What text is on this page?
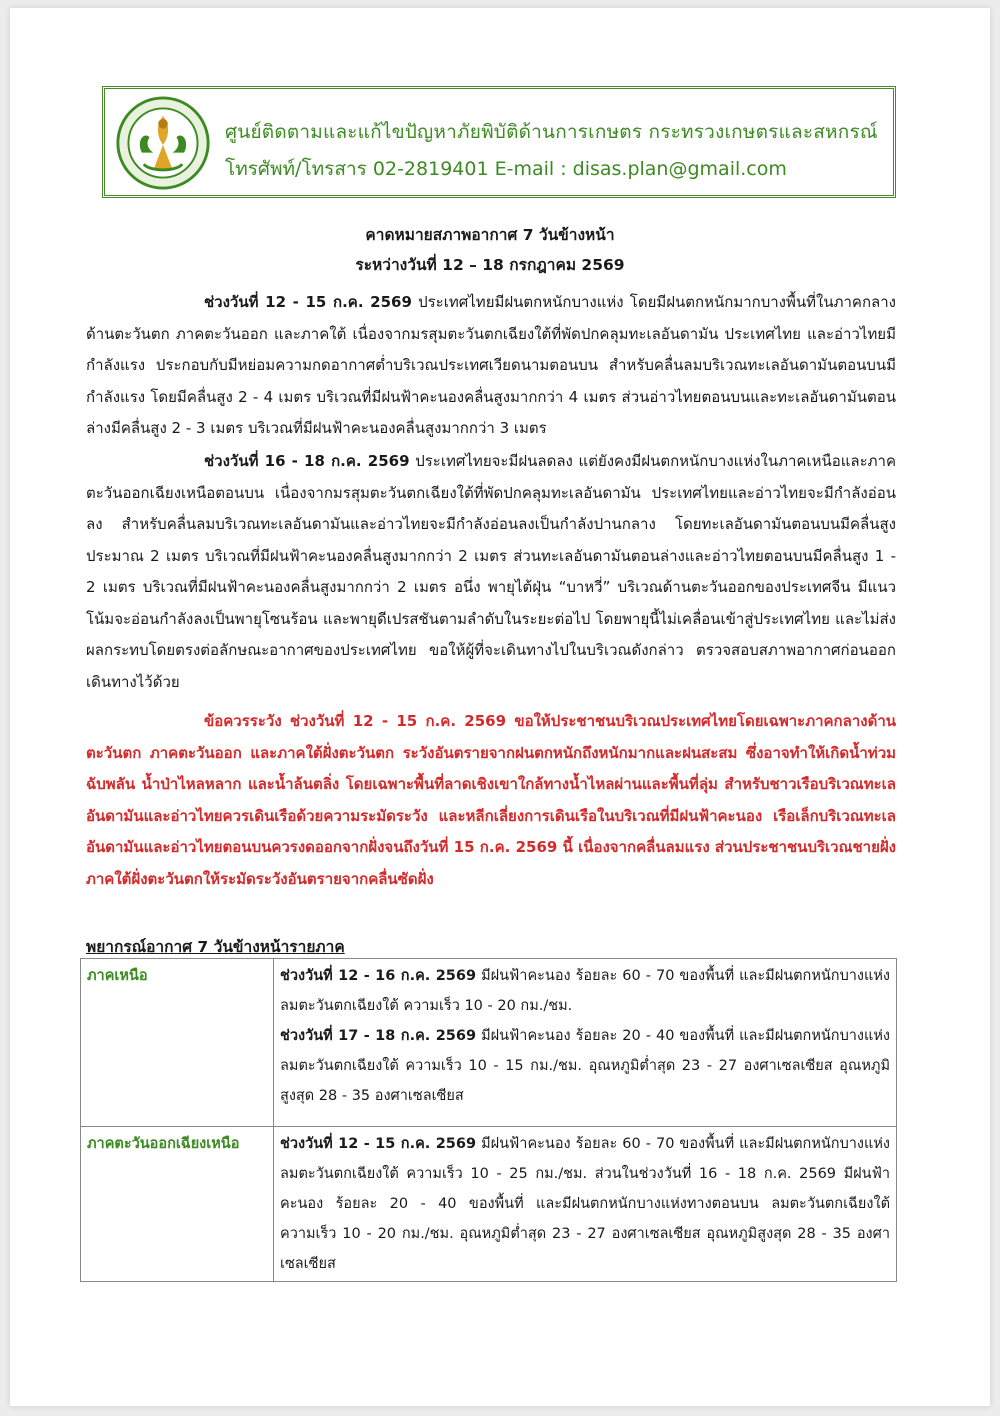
ศูนย์ติดตามและแก้ไขปัญหาภัยพิบัติด้านการเกษตร กระทรวงเกษตรและสหกรณ์
โทรศัพท์/โทรสาร 02-2819401 E-mail : disas.plan@gmail.com
คาดหมายสภาพอากาศ 7 วันข้างหน้า
ระหว่างวันที่ 12 – 18 กรกฎาคม 2569

ช่วงวันที่ 12 - 15 ก.ค. 2569 ประเทศไทยมีฝนตกหนักบางแห่ง โดยมีฝนตกหนักมากบางพื้นที่ในภาคกลางด้านตะวันตก ภาคตะวันออก และภาคใต้ เนื่องจากมรสุมตะวันตกเฉียงใต้ที่พัดปกคลุมทะเลอันดามัน ประเทศไทย และอ่าวไทยมีกำลังแรง ประกอบกับมีหย่อมความกดอากาศต่ำบริเวณประเทศเวียดนามตอนบน สำหรับคลื่นลมบริเวณทะเลอันดามันตอนบนมีกำลังแรง โดยมีคลื่นสูง 2 - 4 เมตร บริเวณที่มีฝนฟ้าคะนองคลื่นสูงมากกว่า 4 เมตร ส่วนอ่าวไทยตอนบนและทะเลอันดามันตอนล่างมีคลื่นสูง 2 - 3 เมตร บริเวณที่มีฝนฟ้าคะนองคลื่นสูงมากกว่า 3 เมตร

ช่วงวันที่ 16 - 18 ก.ค. 2569 ประเทศไทยจะมีฝนลดลง แต่ยังคงมีฝนตกหนักบางแห่งในภาคเหนือและภาคตะวันออกเฉียงเหนือตอนบน เนื่องจากมรสุมตะวันตกเฉียงใต้ที่พัดปกคลุมทะเลอันดามัน ประเทศไทยและอ่าวไทยจะมีกำลังอ่อนลง สำหรับคลื่นลมบริเวณทะเลอันดามันและอ่าวไทยจะมีกำลังอ่อนลงเป็นกำลังปานกลาง โดยทะเลอันดามันตอนบนมีคลื่นสูงประมาณ 2 เมตร บริเวณที่มีฝนฟ้าคะนองคลื่นสูงมากกว่า 2 เมตร ส่วนทะเลอันดามันตอนล่างและอ่าวไทยตอนบนมีคลื่นสูง 1 - 2 เมตร บริเวณที่มีฝนฟ้าคะนองคลื่นสูงมากกว่า 2 เมตร อนึ่ง พายุไต้ฝุ่น “บาหวี่” บริเวณด้านตะวันออกของประเทศจีน มีแนวโน้มจะอ่อนกำลังลงเป็นพายุโซนร้อน และพายุดีเปรสชันตามลำดับในระยะต่อไป โดยพายุนี้ไม่เคลื่อนเข้าสู่ประเทศไทย และไม่ส่งผลกระทบโดยตรงต่อลักษณะอากาศของประเทศไทย ขอให้ผู้ที่จะเดินทางไปในบริเวณดังกล่าว ตรวจสอบสภาพอากาศก่อนออกเดินทางไว้ด้วย

ข้อควรระวัง ช่วงวันที่ 12 - 15 ก.ค. 2569 ขอให้ประชาชนบริเวณประเทศไทยโดยเฉพาะภาคกลางด้านตะวันตก ภาคตะวันออก และภาคใต้ฝั่งตะวันตก ระวังอันตรายจากฝนตกหนักถึงหนักมากและฝนสะสม ซึ่งอาจทำให้เกิดน้ำท่วมฉับพลัน น้ำป่าไหลหลาก และน้ำล้นตลิ่ง โดยเฉพาะพื้นที่ลาดเชิงเขาใกล้ทางน้ำไหลผ่านและพื้นที่ลุ่ม สำหรับชาวเรือบริเวณทะเลอันดามันและอ่าวไทยควรเดินเรือด้วยความระมัดระวัง และหลีกเลี่ยงการเดินเรือในบริเวณที่มีฝนฟ้าคะนอง เรือเล็กบริเวณทะเลอันดามันและอ่าวไทยตอนบนควรงดออกจากฝั่งจนถึงวันที่ 15 ก.ค. 2569 นี้ เนื่องจากคลื่นลมแรง ส่วนประชาชนบริเวณชายฝั่งภาคใต้ฝั่งตะวันตกให้ระมัดระวังอันตรายจากคลื่นซัดฝั่ง

พยากรณ์อากาศ 7 วันข้างหน้ารายภาค
ภาคเหนือ	ช่วงวันที่ 12 - 16 ก.ค. 2569 มีฝนฟ้าคะนอง ร้อยละ 60 - 70 ของพื้นที่ และมีฝนตกหนักบางแห่ง ลมตะวันตกเฉียงใต้ ความเร็ว 10 - 20 กม./ชม.
ช่วงวันที่ 17 - 18 ก.ค. 2569 มีฝนฟ้าคะนอง ร้อยละ 20 - 40 ของพื้นที่ และมีฝนตกหนักบางแห่ง ลมตะวันตกเฉียงใต้ ความเร็ว 10 - 15 กม./ชม. อุณหภูมิต่ำสุด 23 - 27 องศาเซลเซียส อุณหภูมิสูงสุด 28 - 35 องศาเซลเซียส
ภาคตะวันออกเฉียงเหนือ	ช่วงวันที่ 12 - 15 ก.ค. 2569 มีฝนฟ้าคะนอง ร้อยละ 60 - 70 ของพื้นที่ และมีฝนตกหนักบางแห่ง ลมตะวันตกเฉียงใต้ ความเร็ว 10 - 25 กม./ชม. ส่วนในช่วงวันที่ 16 - 18 ก.ค. 2569 มีฝนฟ้าคะนอง ร้อยละ 20 - 40 ของพื้นที่ และมีฝนตกหนักบางแห่งทางตอนบน ลมตะวันตกเฉียงใต้ ความเร็ว 10 - 20 กม./ชม. อุณหภูมิต่ำสุด 23 - 27 องศาเซลเซียส อุณหภูมิสูงสุด 28 - 35 องศาเซลเซียส
